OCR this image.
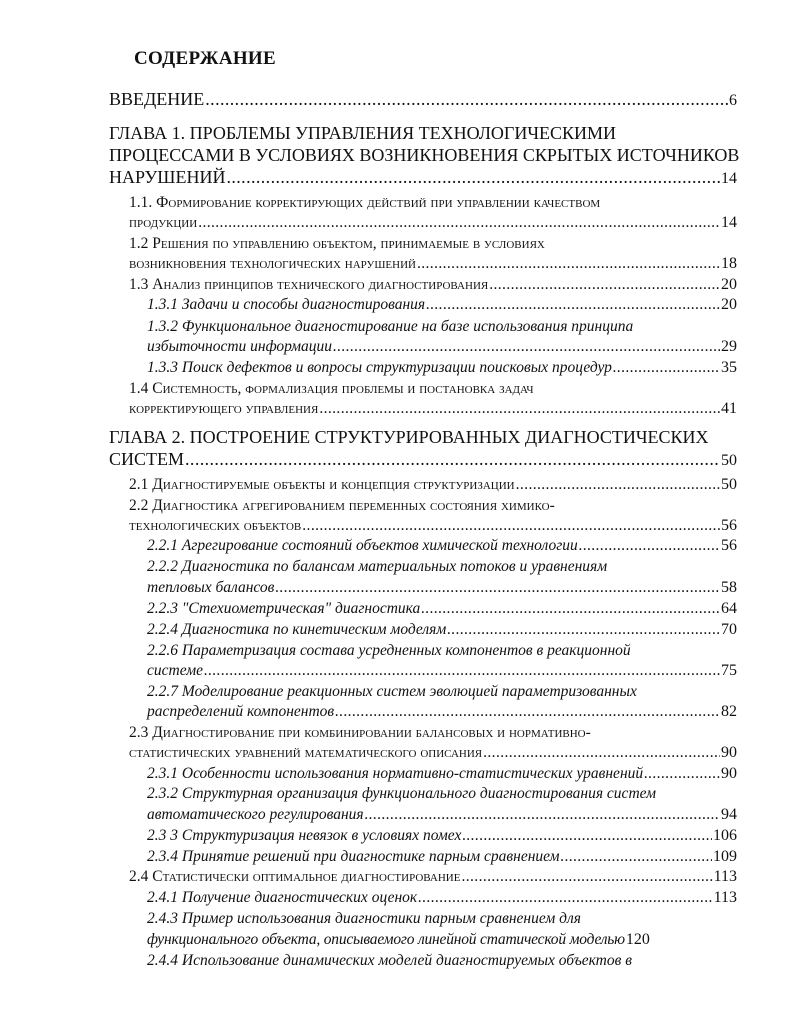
СОДЕРЖАНИЕ
ВВЕДЕНИЕ .....	6
ГЛАВА 1. ПРОБЛЕМЫ УПРАВЛЕНИЯ ТЕХНОЛОГИЧЕСКИМИ
ПРОЦЕССАМИ В УСЛОВИЯХ ВОЗНИКНОВЕНИЯ СКРЫТЫХ ИСТОЧНИКОВ
НАРУШЕНИЙ .....	14
1.1. Формирование корректирующих действий при управлении качеством
продукции .....	14
1.2 Решения по управлению объектом, принимаемые в условиях
возникновения технологических нарушений .....	18
1.3 Анализ принципов технического диагностирования .....	20
1.3.1 Задачи и способы диагностирования .....	20
1.3.2 Функциональное диагностирование на базе использования принципа
избыточности информации .....	29
1.3.3 Поиск дефектов и вопросы структуризации поисковых процедур .....	35
1.4 Системность, формализация проблемы и постановка задач
корректирующего управления .....	41
ГЛАВА 2. ПОСТРОЕНИЕ СТРУКТУРИРОВАННЫХ ДИАГНОСТИЧЕСКИХ
СИСТЕМ .....	50
2.1 Диагностируемые объекты и концепция структуризации .....	50
2.2 Диагностика агрегированием переменных состояния химико-
технологических объектов .....	56
2.2.1 Агрегирование состояний объектов химической технологии .....	56
2.2.2 Диагностика по балансам материальных потоков и уравнениям
тепловых балансов .....	58
2.2.3 "Стехиометрическая" диагностика .....	64
2.2.4 Диагностика по кинетическим моделям .....	70
2.2.6 Параметризация состава усредненных компонентов в реакционной
системе .....	75
2.2.7 Моделирование реакционных систем эволюцией параметризованных
распределений компонентов .....	82
2.3 Диагностирование при комбинировании балансовых и нормативно-
статистических уравнений математического описания .....	90
2.3.1 Особенности использования нормативно-статистических уравнений .....	90
2.3.2 Структурная организация функционального диагностирования систем
автоматического регулирования .....	94
2.3 3 Структуризация невязок в условиях помех .....	106
2.3.4 Принятие решений при диагностике парным сравнением .....	109
2.4 Статистически оптимальное диагностирование .....	113
2.4.1 Получение диагностических оценок .....	113
2.4.3 Пример использования диагностики парным сравнением для
функционального объекта, описываемого линейной статической моделью 120
2.4.4 Использование динамических моделей диагностируемых объектов в
